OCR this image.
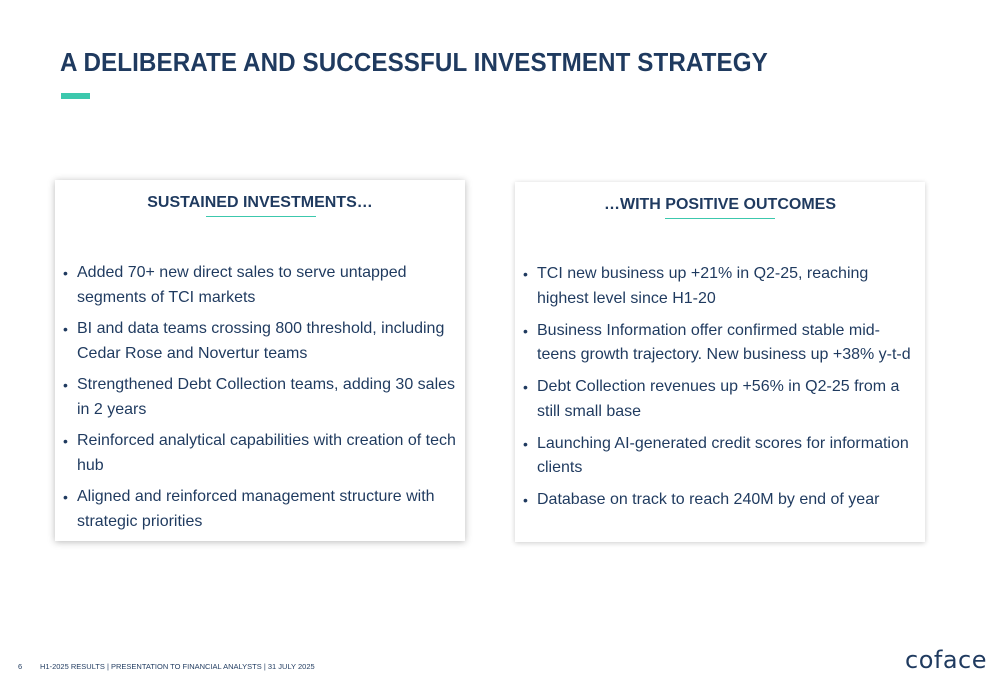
A DELIBERATE AND SUCCESSFUL INVESTMENT STRATEGY
SUSTAINED INVESTMENTS…
• Added 70+ new direct sales to serve untapped segments of TCI markets
• BI and data teams crossing 800 threshold, including Cedar Rose and Novertur teams
• Strengthened Debt Collection teams, adding 30 sales in 2 years
• Reinforced analytical capabilities with creation of tech hub
• Aligned and reinforced management structure with strategic priorities
…WITH POSITIVE OUTCOMES
• TCI new business up +21% in Q2-25, reaching highest level since H1-20
• Business Information offer confirmed stable mid-teens growth trajectory. New business up +38% y-t-d
• Debt Collection revenues up +56% in Q2-25 from a still small base
• Launching AI-generated credit scores for information clients
• Database on track to reach 240M by end of year
6 H1-2025 RESULTS | PRESENTATION TO FINANCIAL ANALYSTS | 31 JULY 2025	coface
